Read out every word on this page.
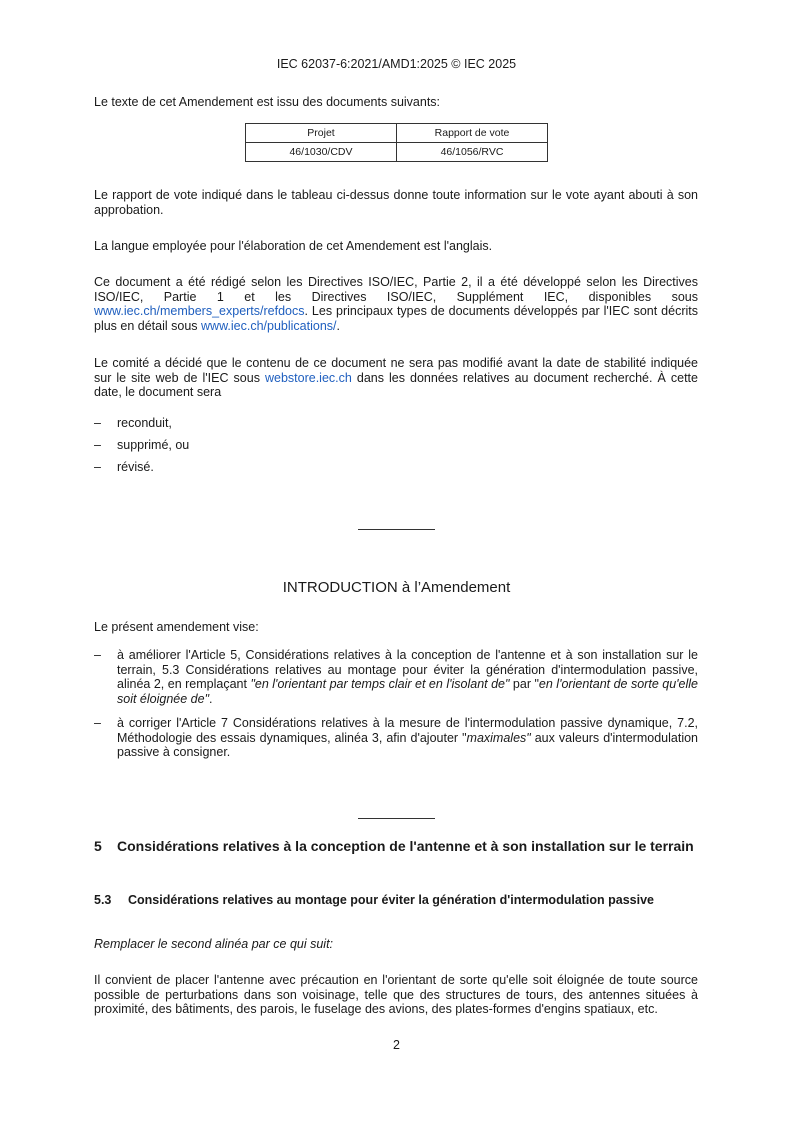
IEC 62037-6:2021/AMD1:2025 © IEC 2025

Le texte de cet Amendement est issu des documents suivants:

Projet	Rapport de vote
46/1030/CDV	46/1056/RVC

Le rapport de vote indiqué dans le tableau ci-dessus donne toute information sur le vote ayant abouti à son approbation.

La langue employée pour l'élaboration de cet Amendement est l'anglais.

Ce document a été rédigé selon les Directives ISO/IEC, Partie 2, il a été développé selon les Directives ISO/IEC, Partie 1 et les Directives ISO/IEC, Supplément IEC, disponibles sous www.iec.ch/members_experts/refdocs. Les principaux types de documents développés par l'IEC sont décrits plus en détail sous www.iec.ch/publications/.

Le comité a décidé que le contenu de ce document ne sera pas modifié avant la date de stabilité indiquée sur le site web de l'IEC sous webstore.iec.ch dans les données relatives au document recherché. À cette date, le document sera

–	reconduit,
–	supprimé, ou
–	révisé.
INTRODUCTION à l’Amendement

Le présent amendement vise:

–	à améliorer l'Article 5, Considérations relatives à la conception de l'antenne et à son installation sur le terrain, 5.3 Considérations relatives au montage pour éviter la génération d'intermodulation passive, alinéa 2, en remplaçant "en l'orientant par temps clair et en l'isolant de" par "en l'orientant de sorte qu'elle soit éloignée de".
–	à corriger l'Article 7 Considérations relatives à la mesure de l'intermodulation passive dynamique, 7.2, Méthodologie des essais dynamiques, alinéa 3, afin d'ajouter "maximales" aux valeurs d'intermodulation passive à consigner.
5 Considérations relatives à la conception de l'antenne et à son installation sur le terrain
5.3 Considérations relatives au montage pour éviter la génération d'intermodulation passive

Remplacer le second alinéa par ce qui suit:

Il convient de placer l'antenne avec précaution en l'orientant de sorte qu'elle soit éloignée de toute source possible de perturbations dans son voisinage, telle que des structures de tours, des antennes situées à proximité, des bâtiments, des parois, le fuselage des avions, des plates-formes d'engins spatiaux, etc.

2
